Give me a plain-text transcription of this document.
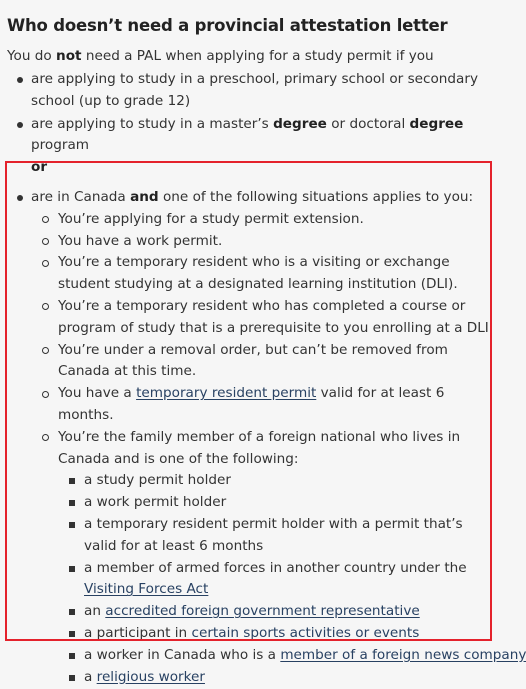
Who doesn’t need a provincial attestation letter

You do not need a PAL when applying for a study permit if you

are applying to study in a preschool, primary school or secondary school (up to grade 12)
are applying to study in a master’s degree or doctoral degree program
or
are in Canada and one of the following situations applies to you:
You’re applying for a study permit extension.
You have a work permit.
You’re a temporary resident who is a visiting or exchange student studying at a designated learning institution (DLI).
You’re a temporary resident who has completed a course or program of study that is a prerequisite to you enrolling at a DLI.
You’re under a removal order, but can’t be removed from Canada at this time.
You have a temporary resident permit valid for at least 6 months.
You’re the family member of a foreign national who lives in Canada and is one of the following:
a study permit holder
a work permit holder
a temporary resident permit holder with a permit that’s valid for at least 6 months
a member of armed forces in another country under the Visiting Forces Act
an accredited foreign government representative
a participant in certain sports activities or events
a worker in Canada who is a member of a foreign news company
a religious worker
